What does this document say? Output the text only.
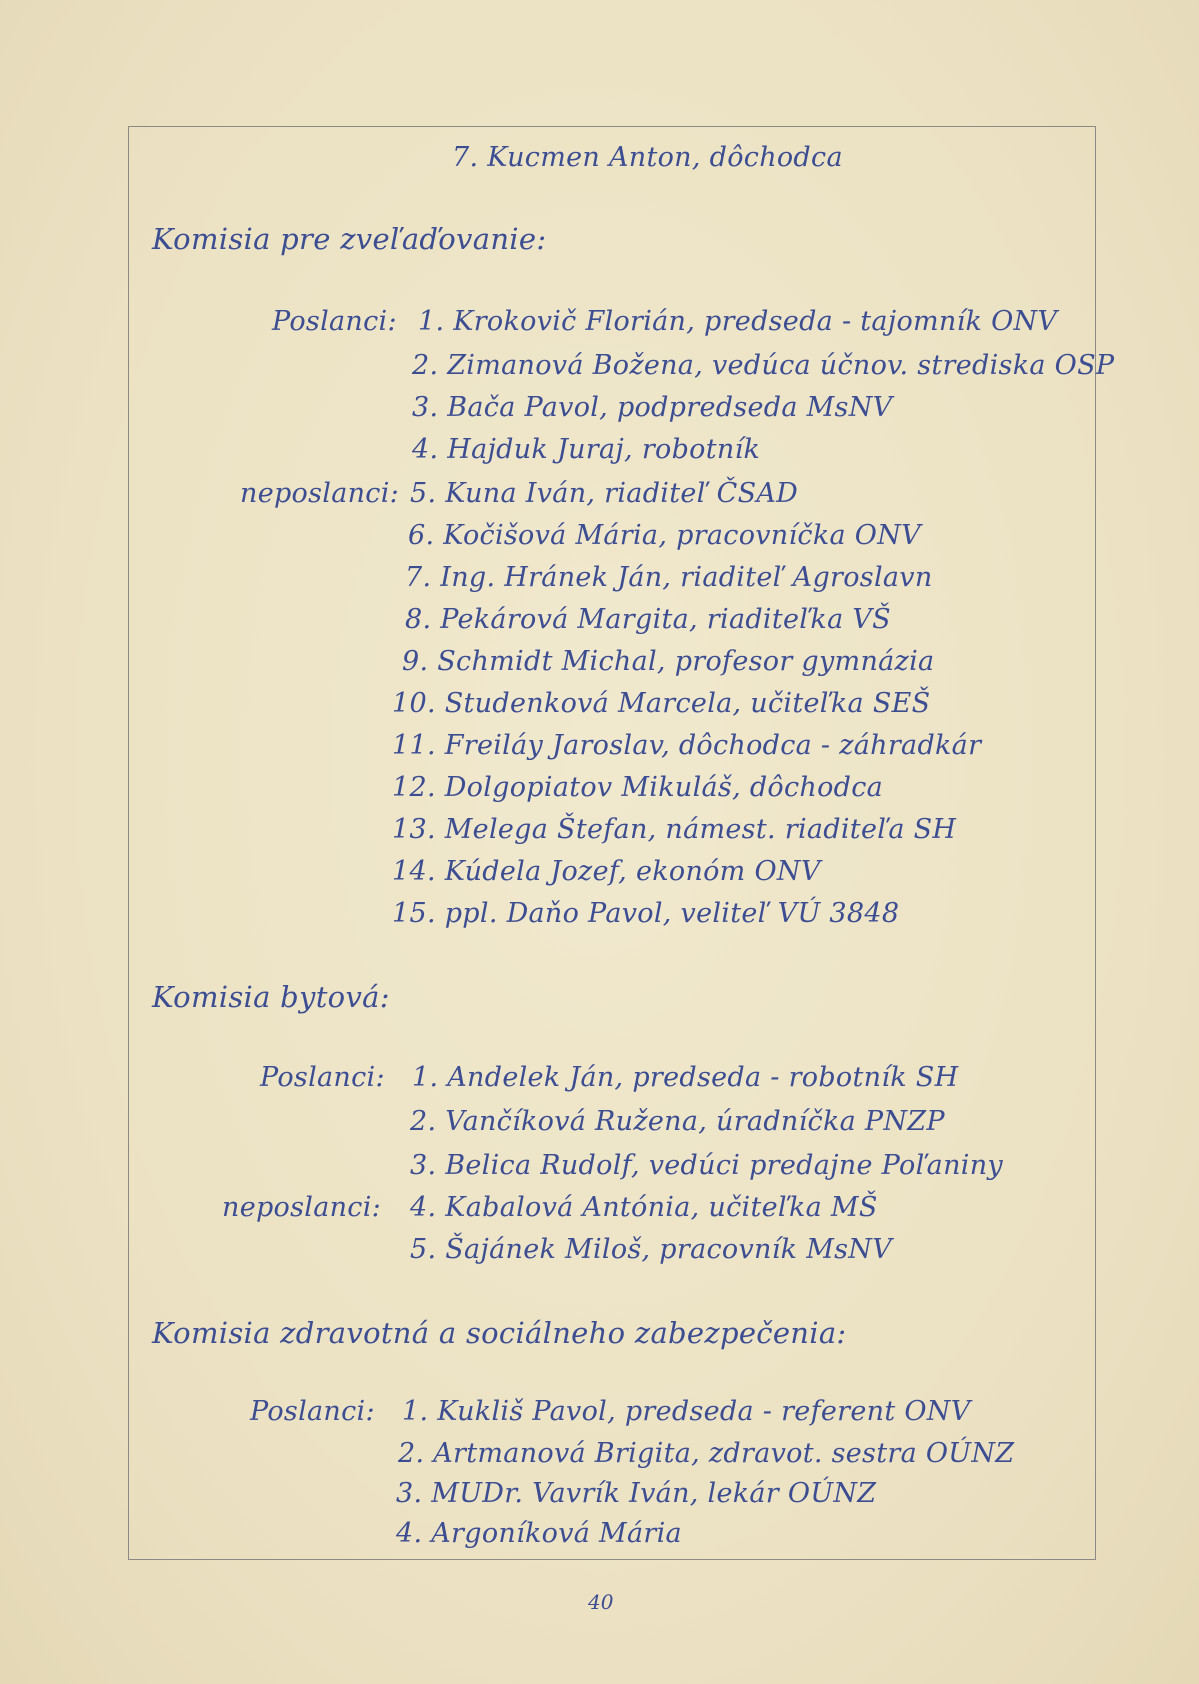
7. Kucmen Anton, dôchodca
Komisia pre zveľaďovanie:
Poslanci: 1. Krokovič Florián, predseda - tajomník ONV
2. Zimanová Božena, vedúca účnov. strediska OSP
3. Bača Pavol, podpredseda MsNV
4. Hajduk Juraj, robotník
neposlanci: 5. Kuna Iván, riaditeľ ČSAD
6. Kočišová Mária, pracovníčka ONV
7. Ing. Hránek Ján, riaditeľ Agroslavn
8. Pekárová Margita, riaditeľka VŠ
9. Schmidt Michal, profesor gymnázia
10. Studenková Marcela, učiteľka SEŠ
11. Freiláy Jaroslav, dôchodca - záhradkár
12. Dolgopiatov Mikuláš, dôchodca
13. Melega Štefan, námest. riaditeľa SH
14. Kúdela Jozef, ekonóm ONV
15. ppl. Daňo Pavol, veliteľ VÚ 3848
Komisia bytová:
Poslanci: 1. Andelek Ján, predseda - robotník SH
2. Vančíková Ružena, úradníčka PNZP
3. Belica Rudolf, vedúci predajne Poľaniny
neposlanci: 4. Kabalová Antónia, učiteľka MŠ
5. Šajánek Miloš, pracovník MsNV
Komisia zdravotná a sociálneho zabezpečenia:
Poslanci: 1. Kukliš Pavol, predseda - referent ONV
2. Artmanová Brigita, zdravot. sestra OÚNZ
3. MUDr. Vavrík Iván, lekár OÚNZ
4. Argoníková Mária
40
